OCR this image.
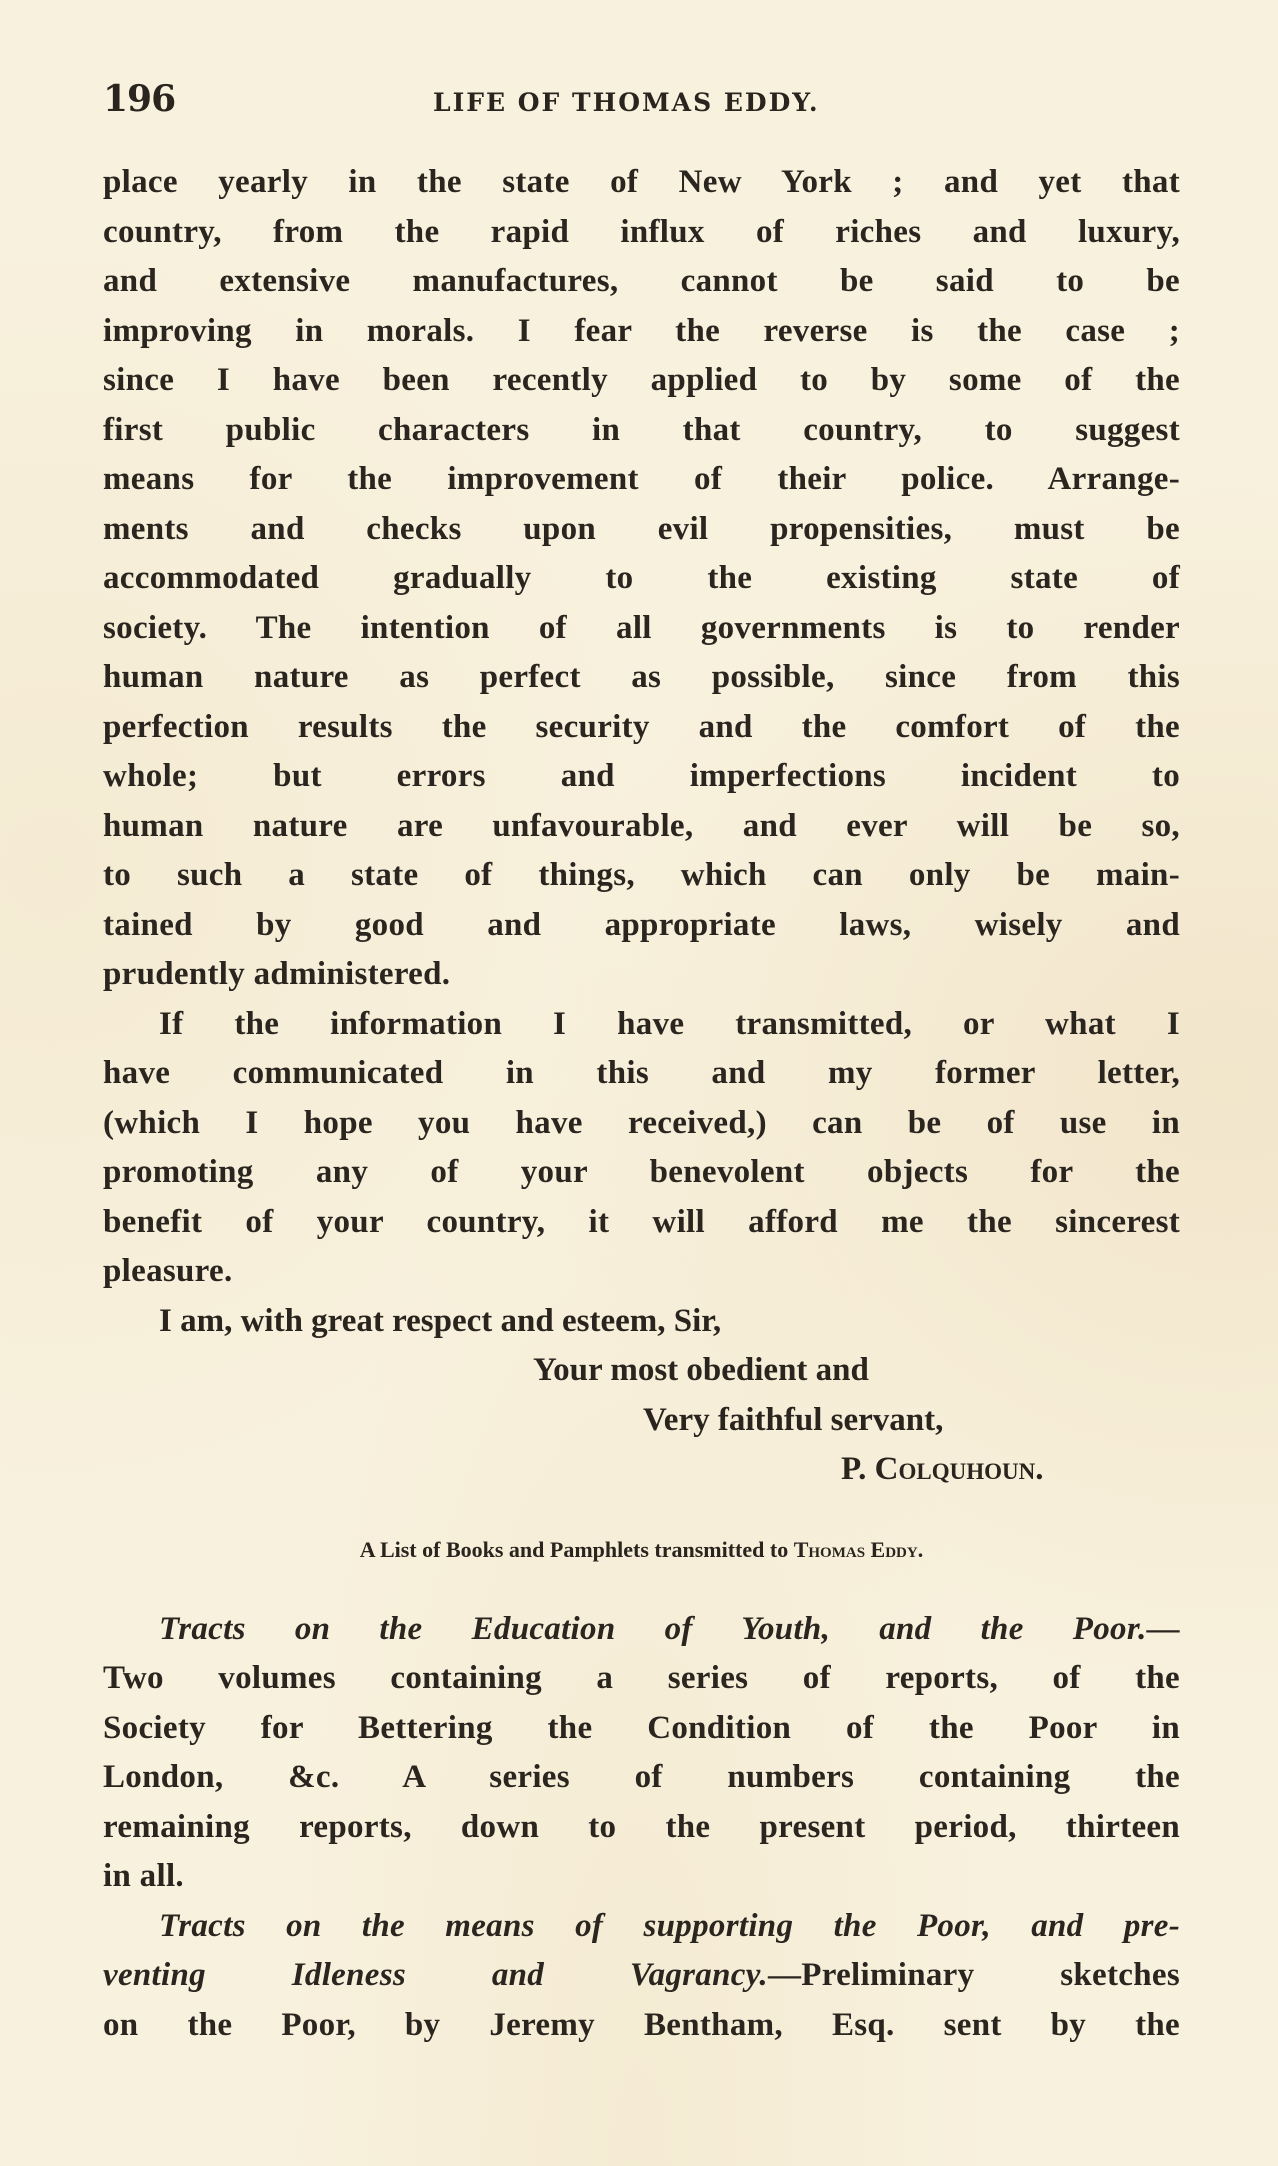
196	LIFE OF THOMAS EDDY.
place yearly in the state of New York ; and yet that
country, from the rapid influx of riches and luxury,
and extensive manufactures, cannot be said to be
improving in morals. I fear the reverse is the case ;
since I have been recently applied to by some of the
first public characters in that country, to suggest
means for the improvement of their police. Arrange-
ments and checks upon evil propensities, must be
accommodated gradually to the existing state of
society. The intention of all governments is to render
human nature as perfect as possible, since from this
perfection results the security and the comfort of the
whole; but errors and imperfections incident to
human nature are unfavourable, and ever will be so,
to such a state of things, which can only be main-
tained by good and appropriate laws, wisely and
prudently administered.
If the information I have transmitted, or what I
have communicated in this and my former letter,
(which I hope you have received,) can be of use in
promoting any of your benevolent objects for the
benefit of your country, it will afford me the sincerest
pleasure.
I am, with great respect and esteem, Sir,
Your most obedient and
Very faithful servant,
P. Colquhoun.
A List of Books and Pamphlets transmitted to Thomas Eddy.
Tracts on the Education of Youth, and the Poor.—
Two volumes containing a series of reports, of the
Society for Bettering the Condition of the Poor in
London, &c. A series of numbers containing the
remaining reports, down to the present period, thirteen
in all.
Tracts on the means of supporting the Poor, and pre-
venting Idleness and Vagrancy.—Preliminary sketches
on the Poor, by Jeremy Bentham, Esq. sent by the
